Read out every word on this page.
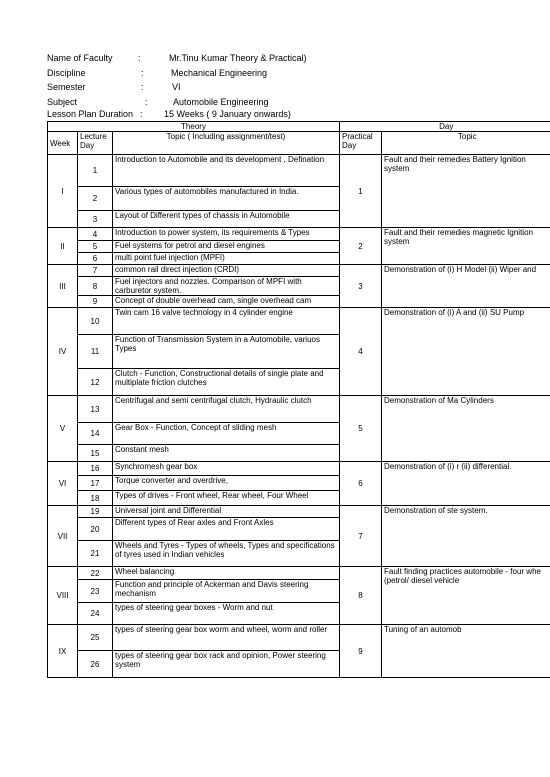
Name of Faculty	:	Mr.Tinu Kumar Theory & Practical)
Discipline	:	Mechanical Engineering
Semester	:	VI
Subject	:	Automobile Engineering
Lesson Plan Duration : 15 Weeks ( 9 January onwards)
Theory			Day	
Week	Lecture Day	Topic ( Including assignment/test)	Practical Day	Topic
I	1	Introduction to Automobile and its development , Defination	1	Fault and their remedies Battery Ignition system
	2	Various types of automobiles manufactured in India.		
	3	Layout of Different types of chassis in Automobile		
II	4	Introduction to power system, its requirements & Types	2	Fault and their remedies magnetic Ignition system
	5	Fuel systems for petrol and diesel engines		
	6	multi point fuel injection (MPFI)		
III	7	common rail direct injection (CRDI)	3	Demonstration of (i) H Model (ii) Wiper and
	8	Fuel injectors and nozzles. Comparison of MPFI with carburetor system.		
	9	Concept of double overhead cam, single overhead cam		
IV	10	Twin cam 16 valve technology in 4 cylinder engine	4	Demonstration of (i) A and (ii) SU Pump
	11	Function of Transmission System in a Automobile, variuos Types		
	12	Clutch - Function, Constructional details of single plate and multiplate friction clutches		
V	13	Centrifugal and semi centrifugal clutch, Hydraulic clutch	5	Demonstration of Ma Cylinders
	14	Gear Box - Function, Concept of sliding mesh		
	15	Constant mesh		
VI	16	Synchromesh gear box	6	Demonstration of (i) r (ii) differential.
	17	Torque converter and overdrive,		
	18	Types of drives - Front wheel, Rear wheel, Four Wheel		
VII	19	Universal joint and Differential	7	Demonstration of ste system.
	20	Different types of Rear axles and Front Axles		
	21	Wheels and Tyres - Types of wheels, Types and specifications of tyres used in Indian vehicles		
VIII	22	Wheel balancing	8	Fault finding practices automobile - four whe (petrol/ diesel vehicle
	23	Function and principle of Ackerman and Davis steering mechanism		
	24	types of steering gear boxes - Worm and nut		
IX	25	types of steering gear box worm and wheel, worm and roller	9	Tuning of an automob
	26	types of steering gear box rack and opinion, Power steering system		
